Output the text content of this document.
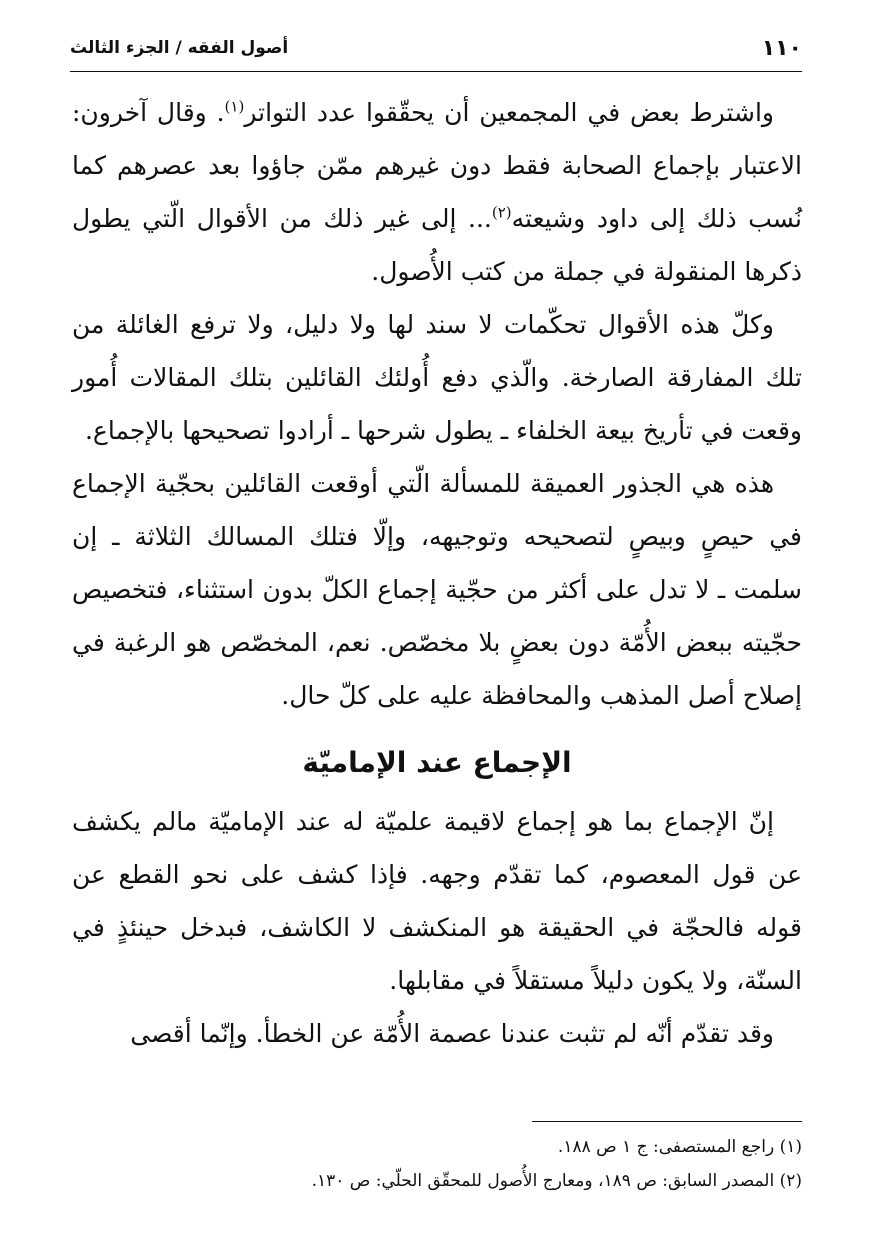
١١٠
أصول الفقه / الجزء الثالث

واشترط بعض في المجمعين أن يحقّقوا عدد التواتر$^{(١)}$. وقال آخرون: الاعتبار بإجماع الصحابة فقط دون غيرهم ممّن جاؤوا بعد عصرهم كما نُسب ذلك إلى داود وشيعته$^{(٢)}$... إلى غير ذلك من الأقوال الّتي يطول ذكرها المنقولة في جملة من كتب الأُصول.

وكلّ هذه الأقوال تحكّمات لا سند لها ولا دليل، ولا ترفع الغائلة من تلك المفارقة الصارخة. والّذي دفع أُولئك القائلين بتلك المقالات أُمور وقعت في تأريخ بيعة الخلفاء ـ يطول شرحها ـ أرادوا تصحيحها بالإجماع.

هذه هي الجذور العميقة للمسألة الّتي أوقعت القائلين بحجّية الإجماع في حيصٍ وبيصٍ لتصحيحه وتوجيهه، وإلّا فتلك المسالك الثلاثة ـ إن سلمت ـ لا تدل على أكثر من حجّية إجماع الكلّ بدون استثناء، فتخصيص حجّيته ببعض الأُمّة دون بعضٍ بلا مخصّص. نعم، المخصّص هو الرغبة في إصلاح أصل المذهب والمحافظة عليه على كلّ حال.

الإجماع عند الإماميّة

إنّ الإجماع بما هو إجماع لاقيمة علميّة له عند الإماميّة مالم يكشف عن قول المعصوم، كما تقدّم وجهه. فإذا كشف على نحو القطع عن قوله فالحجّة في الحقيقة هو المنكشف لا الكاشف، فبدخل حينئذٍ في السنّة، ولا يكون دليلاً مستقلاً في مقابلها.

وقد تقدّم أنّه لم تثبت عندنا عصمة الأُمّة عن الخطأ. وإنّما أقصى

(١) راجع المستصفى: ج ١ ص ١٨٨.
(٢) المصدر السابق: ص ١٨٩، ومعارج الأُصول للمحقّق الحلّي: ص ١٣٠.
